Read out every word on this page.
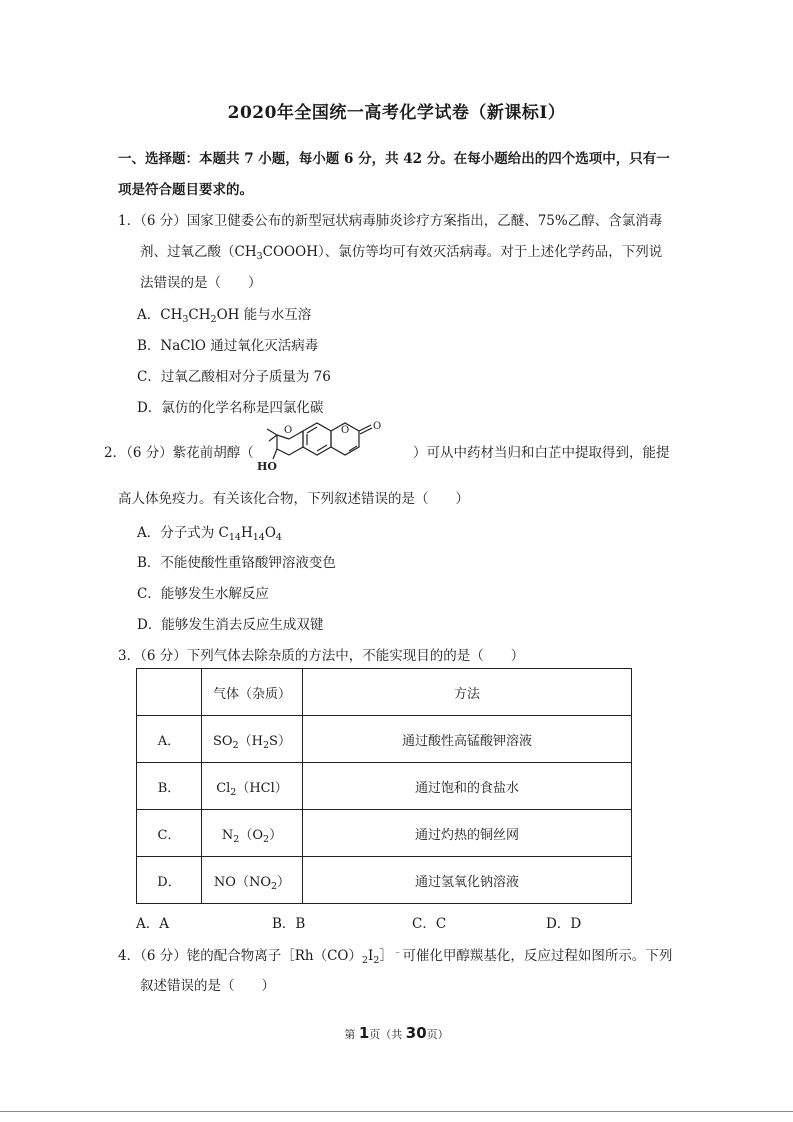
2020年全国统一高考化学试卷（新课标Ⅰ）
一、选择题：本题共 7 小题，每小题 6 分，共 42 分。在每小题给出的四个选项中，只有一
项是符合题目要求的。
1．（6 分）国家卫健委公布的新型冠状病毒肺炎诊疗方案指出，乙醚、75%乙醇、含氯消毒
剂、过氧乙酸$(CH_3COOOH)$、氯仿等均可有效灭活病毒。对于上述化学药品，下列说
法错误的是（　　）
A．$CH_3CH_2OH$ 能与水互溶
B．NaClO 通过氧化灭活病毒
C．过氧乙酸相对分子质量为 76
D．氯仿的化学名称是四氯化碳
2．（6 分）紫花前胡醇（
O	O O
HO
）可从中药材当归和白芷中提取得到，能提
高人体免疫力。有关该化合物，下列叙述错误的是（　　）
A．分子式为 $C_{14}H_{14}O_4$
B．不能使酸性重铬酸钾溶液变色
C．能够发生水解反应
D．能够发生消去反应生成双键
3．（6 分）下列气体去除杂质的方法中，不能实现目的的是（　　）
	气体（杂质）	方法
A．	$SO_2(H_2S)$	通过酸性高锰酸钾溶液
B．	$Cl_2(HCl)$	通过饱和的食盐水
C．	$N_2(O_2)$	通过灼热的铜丝网
D．	$NO(NO_2)$	通过氢氧化钠溶液
A．A	B．B	C．C	D．D
4．（6 分）铑的配合物离子$[Rh(CO)_2I_2]^﹣$可催化甲醇羰基化，反应过程如图所示。下列
叙述错误的是（　　）
第 1页（共 30页）
